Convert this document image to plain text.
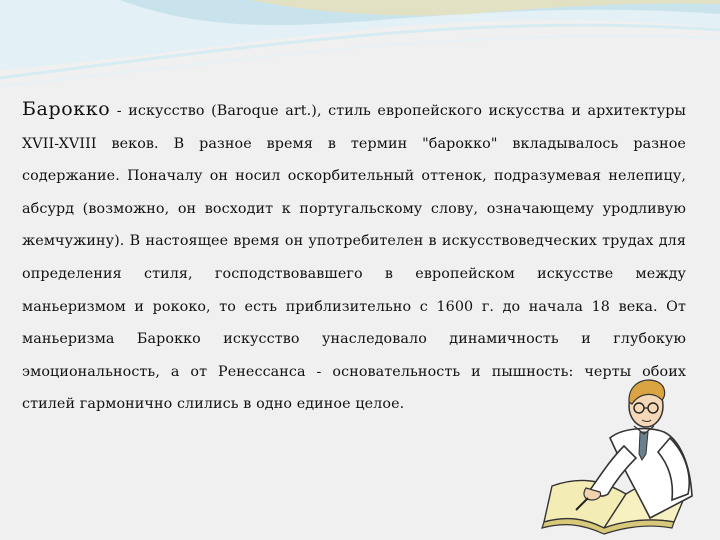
Барокко - искусство (Baroque art.), стиль европейского искусства и архитектуры XVII-XVIII веков. В разное время в термин "барокко" вкладывалось разное содержание. Поначалу он носил оскорбительный оттенок, подразумевая нелепицу, абсурд (возможно, он восходит к португальскому слову, означающему уродливую жемчужину). В настоящее время он употребителен в искусствоведческих трудах для определения стиля, господствовавшего в европейском искусстве между маньеризмом и рококо, то есть приблизительно с 1600 г. до начала 18 века. От маньеризма Барокко искусство унаследовало динамичность и глубокую эмоциональность, а от Ренессанса - основательность и пышность: черты обоих стилей гармонично слились в одно единое целое.
